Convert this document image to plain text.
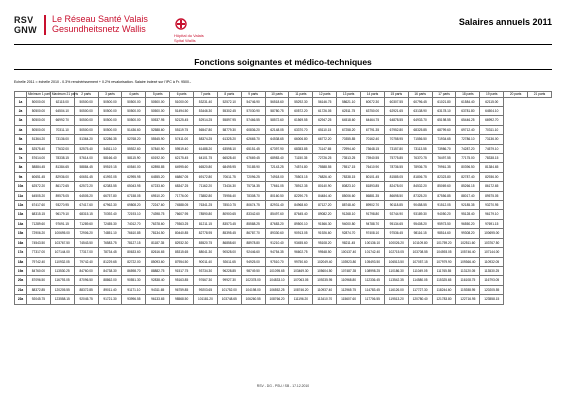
RSV
GNW
Le Réseau Santé Valais
Gesundheitsnetz Wallis
Hôpital du Valais
Spital Wallis
Salaires annuels 2011
Fonctions soignantes et médico-techniques
Echelle 2011 = échelle 2010 - 0.3% renchérissement + 0.2% revalorisation. Salaire indexé sur l'IPC à Fr. 9500.-
	Minimum 1 part	Maximum 21 parts	2 parts	3 parts	4 parts	5 parts	6 parts	7 parts	8 parts	9 parts	10 parts	11 parts	12 parts	13 parts	14 parts	15 parts	16 parts	17 parts	18 parts	19 parts	20 parts	21 parts
1a	50000.00	62115.00	50500.00	50500.00	50500.00	50500.00	51000.00	53231.40	52572.10	54746.90	56518.60	55292.30	56146.75	58621.10	60072.30	60307.55	60796.45	61021.80	61584.40	62115.00		
2a	50500.00	64504.10	50500.00	50500.00	50500.00	50500.00	51494.50	53446.30	55302.45	57030.90	58780.75	60572.20	61726.05	62511.75	63750.00	62921.65	63138.90	63178.10	63781.80	64504.10		
3a	50500.00	66992.70	50500.00	50500.00	50500.00	50537.95	52125.45	52914.25	55897.95	57466.55	58572.60	61569.55	62947.25	64518.60	64464.75	64878.55	64933.70	65198.55	65446.25	66992.70		
4a	50500.00	70311.10	50500.00	50500.00	51436.60	52588.60	55119.75	56547.80	58779.30	60836.20	62148.05	63370.70	65110.15	67258.20	67791.35	67952.80	68325.85	68799.60	69712.40	70311.10		
5a	51364.20	73136.00	51364.20	52286.35	52768.20	55545.90	57411.00	58374.25	61325.20	62665.70	64538.65	66006.80	66772.20	70355.85	70162.40	70758.95	71556.50	71934.65	72786.10	73136.00		
6a	52575.40	77632.00	52575.40	54511.10	55922.60	57840.90	59519.40	61488.20	63598.10	65151.45	67397.90	68353.85	71147.65	72994.40	73648.15	73157.80	73113.55	73986.70	74287.20	74579.10		
7a	57614.00	78338.15	57614.00	58166.40	58115.90	60192.00	62175.45	64101.75	66528.40	67669.45	68983.40	71150.35	72726.25	73513.25	73940.55	75775.85	76370.75	76497.55	77175.00	78338.15		
8a	58884.45	81384.65	58884.45	59519.15	60540.00	62898.85	64995.60	66520.80	68495.95	70185.90	72143.25	74574.80	75588.55	75517.15	76410.90	78736.55	78936.75	79961.35	80396.50	81384.65		
9a	60651.45	82936.00	60651.45	61992.05	62995.95	64555.20	66867.05	69172.80	70611.75	72096.25	74918.00	75503.15	76826.40	78338.15	80101.45	81585.05	81806.75	82323.80	82787.40	82936.00		
10a	62572.20	86172.65	62572.20	62383.55	65043.95	67233.60	68347.25	71162.20	73434.30	75734.35	77661.05	78912.35	80140.90	80823.10	81893.85	82478.00	84532.20	85069.60	85266.15	86172.65		
11a	64505.20	89575.05	64505.20	66757.80	67158.05	69510.20	71776.00	73882.80	75956.40	78308.70	80160.50	82290.75	84484.40	85006.60	86881.35	86698.50	87325.20	87556.85	88017.40	89575.05		
12a	67417.60	93270.95	67417.60	67962.30	69808.20	72247.60	74588.05	76341.25	78510.75	80674.75	82931.40	84968.60	87127.20	88748.40	89902.70	90118.85	90458.55	91512.05	92185.35	93270.95		
13a	68315.15	96179.10	68315.15	70392.40	72193.10	74398.75	76607.95	78590.80	80900.65	83342.60	85497.60	87645.40	89082.20	91268.10	91798.80	92744.90	93189.30	94050.20	95128.40	96179.10		
14a	71289.60	97691.15	71289.60	72455.30	74012.70	76378.60	79363.25	81211.15	83573.45	85588.25	87683.20	89500.10	91566.30	94000.80	94788.70	95134.65	95408.20	95973.50	96550.20	97691.15		
15a	72906.20	100695.00	72906.20	74851.10	76610.85	78134.50	80440.85	82778.95	85395.45	86787.70	89330.60	90913.05	91926.60	92874.70	97408.10	97536.45	98116.15	98514.60	99308.20	100695.00		
16a	74543.50	103767.50	74543.50	76583.75	78127.15	81187.35	82932.30	85520.75	86858.60	88978.80	91210.40	93455.60	95108.20	98211.45	100136.10	100026.20	101109.80	101759.20	102511.60	103767.50		
17a	77317.00	107144.00	77317.00	78734.45	80633.60	82616.65	85315.65	88041.30	90528.00	92446.60	94754.35	96602.75	99548.50	100137.40	101742.40	102715.05	103708.55	104593.05	105746.40	107144.00		
18a	79742.40	110932.05	79742.40	81229.65	82722.00	85093.60	87954.50	90011.40	92611.65	94925.00	97510.70	99750.60	102049.40	103923.80	105493.50	106513.50	107057.15	107979.90	109366.40	110932.05		
19a	84760.00	113530.25	84760.00	84738.30	86598.70	88882.75	91517.75	93734.30	96228.85	98749.50	101095.65	103469.30	105604.50	107487.35	108998.25	110186.30	111049.05	111765.55	113120.05	113530.25		
20a	87096.50	116793.05	87096.50	88862.00	90551.30	92838.40	95163.85	97667.30	99927.30	102378.00	104833.10	107063.05	109235.95	110968.80	112336.45	113542.35	114580.05	115325.65	116108.75	116793.05		
21a	88372.85	120205.55	88372.85	89011.40	91171.10	94311.65	96759.85	99203.65	101752.00	104198.00	106552.25	108746.20	110937.40	112965.75	114783.45	116126.00	117727.30	118244.60	119288.95	120205.55		
22a	92045.75	123558.15	92045.75	91721.30	93996.55	96133.65	98568.50	101181.20	103748.65	106260.55	108766.20	111196.20	113410.70	115607.60	117706.55	119513.20	120780.40	121783.80	122716.95	123558.15		
RSV - DG - PSU / SB - 17.12.2010
